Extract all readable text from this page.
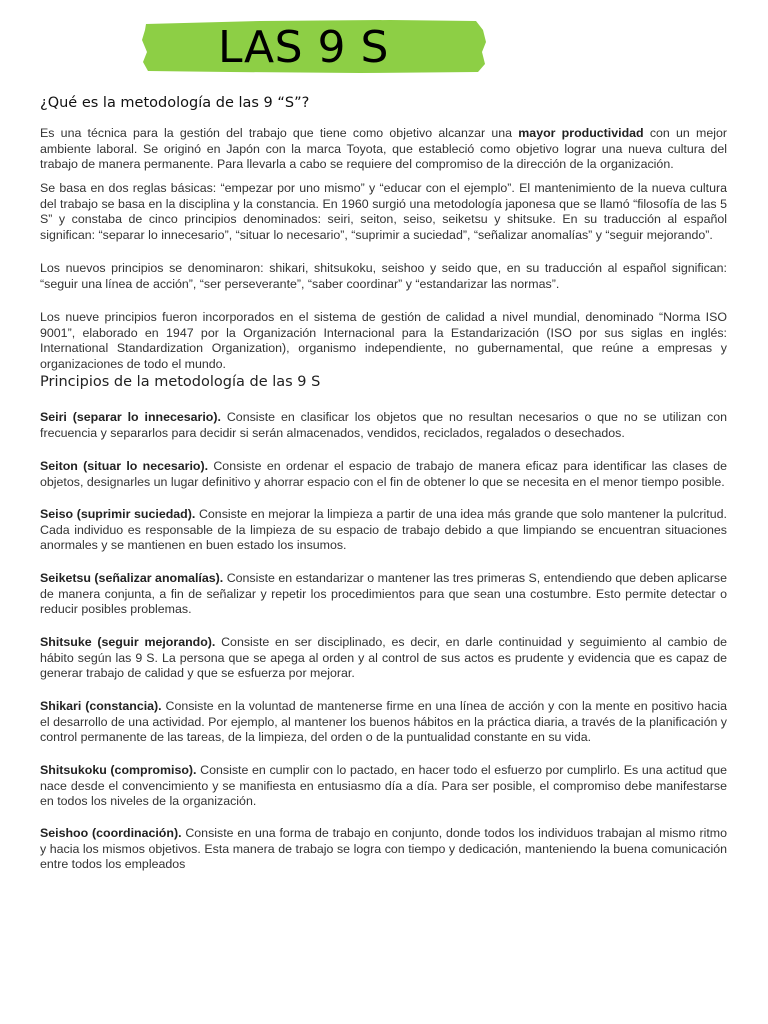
LAS 9 S
¿Qué es la metodología de las 9 “S”?

Es una técnica para la gestión del trabajo que tiene como objetivo alcanzar una mayor productividad con un mejor ambiente laboral. Se originó en Japón con la marca Toyota, que estableció como objetivo lograr una nueva cultura del trabajo de manera permanente. Para llevarla a cabo se requiere del compromiso de la dirección de la organización.

Se basa en dos reglas básicas: “empezar por uno mismo” y “educar con el ejemplo”. El mantenimiento de la nueva cultura del trabajo se basa en la disciplina y la constancia. En 1960 surgió una metodología japonesa que se llamó “filosofía de las 5 S” y constaba de cinco principios denominados: seiri, seiton, seiso, seiketsu y shitsuke. En su traducción al español significan: “separar lo innecesario”, “situar lo necesario”, “suprimir a suciedad”, “señalizar anomalías” y “seguir mejorando”.

Los nuevos principios se denominaron: shikari, shitsukoku, seishoo y seido que, en su traducción al español significan: “seguir una línea de acción”, “ser perseverante”, “saber coordinar” y “estandarizar las normas”.

Los nueve principios fueron incorporados en el sistema de gestión de calidad a nivel mundial, denominado “Norma ISO 9001”, elaborado en 1947 por la Organización Internacional para la Estandarización (ISO por sus siglas en inglés: International Standardization Organization), organismo independiente, no gubernamental, que reúne a empresas y organizaciones de todo el mundo.

Principios de la metodología de las 9 S

Seiri (separar lo innecesario). Consiste en clasificar los objetos que no resultan necesarios o que no se utilizan con frecuencia y separarlos para decidir si serán almacenados, vendidos, reciclados, regalados o desechados.

Seiton (situar lo necesario). Consiste en ordenar el espacio de trabajo de manera eficaz para identificar las clases de objetos, designarles un lugar definitivo y ahorrar espacio con el fin de obtener lo que se necesita en el menor tiempo posible.

Seiso (suprimir suciedad). Consiste en mejorar la limpieza a partir de una idea más grande que solo mantener la pulcritud. Cada individuo es responsable de la limpieza de su espacio de trabajo debido a que limpiando se encuentran situaciones anormales y se mantienen en buen estado los insumos.

Seiketsu (señalizar anomalías). Consiste en estandarizar o mantener las tres primeras S, entendiendo que deben aplicarse de manera conjunta, a fin de señalizar y repetir los procedimientos para que sean una costumbre. Esto permite detectar o reducir posibles problemas.

Shitsuke (seguir mejorando). Consiste en ser disciplinado, es decir, en darle continuidad y seguimiento al cambio de hábito según las 9 S. La persona que se apega al orden y al control de sus actos es prudente y evidencia que es capaz de generar trabajo de calidad y que se esfuerza por mejorar.

Shikari (constancia). Consiste en la voluntad de mantenerse firme en una línea de acción y con la mente en positivo hacia el desarrollo de una actividad. Por ejemplo, al mantener los buenos hábitos en la práctica diaria, a través de la planificación y control permanente de las tareas, de la limpieza, del orden o de la puntualidad constante en su vida.

Shitsukoku (compromiso). Consiste en cumplir con lo pactado, en hacer todo el esfuerzo por cumplirlo. Es una actitud que nace desde el convencimiento y se manifiesta en entusiasmo día a día. Para ser posible, el compromiso debe manifestarse en todos los niveles de la organización.

Seishoo (coordinación). Consiste en una forma de trabajo en conjunto, donde todos los individuos trabajan al mismo ritmo y hacia los mismos objetivos. Esta manera de trabajo se logra con tiempo y dedicación, manteniendo la buena comunicación entre todos los empleados
